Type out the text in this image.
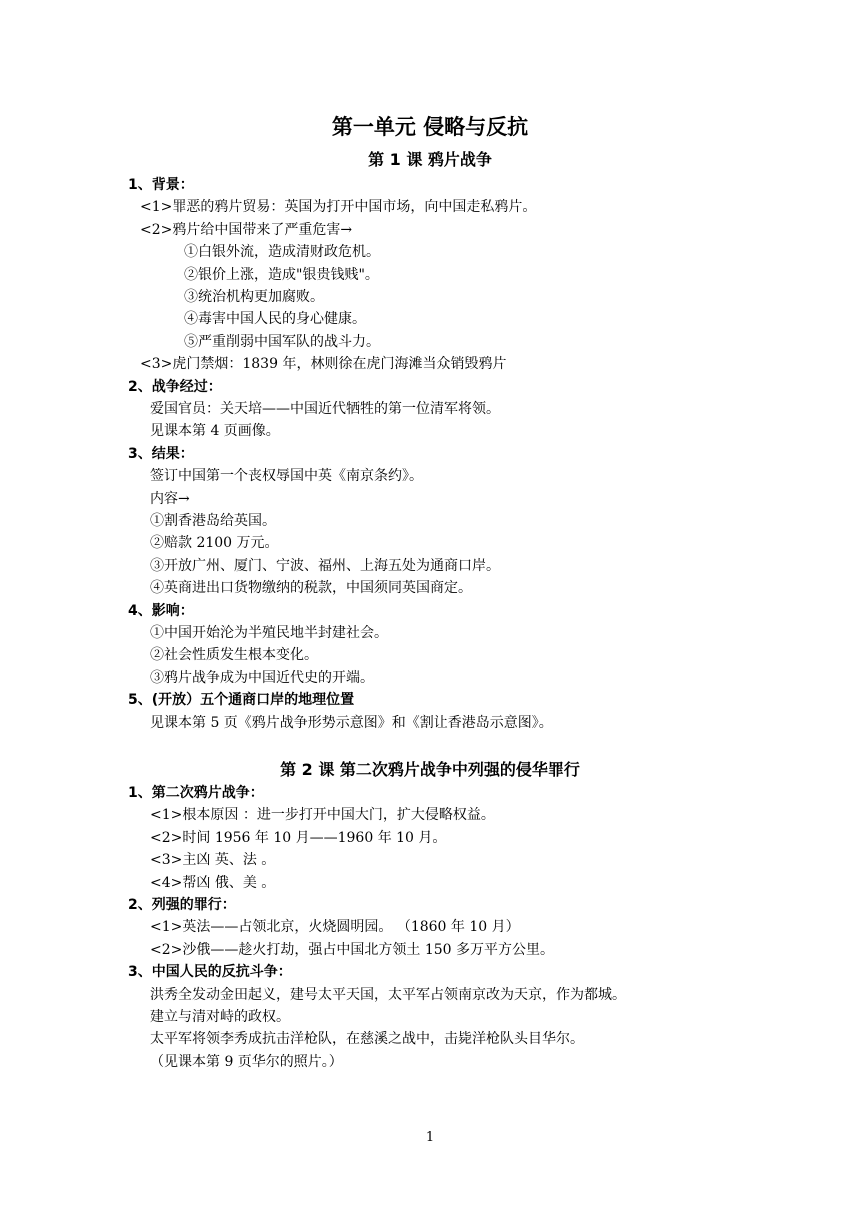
第一单元 侵略与反抗
第 1 课 鸦片战争
1、背景：
<1>罪恶的鸦片贸易：英国为打开中国市场，向中国走私鸦片。
<2>鸦片给中国带来了严重危害→
①白银外流，造成清财政危机。
②银价上涨，造成"银贵钱贱"。
③统治机构更加腐败。
④毒害中国人民的身心健康。
⑤严重削弱中国军队的战斗力。
<3>虎门禁烟：1839 年，林则徐在虎门海滩当众销毁鸦片
2、战争经过：
爱国官员：关天培——中国近代牺牲的第一位清军将领。
见课本第 4 页画像。
3、结果：
签订中国第一个丧权辱国中英《南京条约》。
内容→
①割香港岛给英国。
②赔款 2100 万元。
③开放广州、厦门、宁波、福州、上海五处为通商口岸。
④英商进出口货物缴纳的税款，中国须同英国商定。
4、影响：
①中国开始沦为半殖民地半封建社会。
②社会性质发生根本变化。
③鸦片战争成为中国近代史的开端。
5、(开放）五个通商口岸的地理位置
见课本第 5 页《鸦片战争形势示意图》和《割让香港岛示意图》。
第 2 课 第二次鸦片战争中列强的侵华罪行
1、第二次鸦片战争：
<1>根本原因 ：进一步打开中国大门，扩大侵略权益。
<2>时间 1956 年 10 月——1960 年 10 月。
<3>主凶 英、法 。
<4>帮凶 俄、美 。
2、列强的罪行：
<1>英法——占领北京，火烧圆明园。 （1860 年 10 月）
<2>沙俄——趁火打劫，强占中国北方领土 150 多万平方公里。
3、中国人民的反抗斗争：
洪秀全发动金田起义，建号太平天国，太平军占领南京改为天京，作为都城。
建立与清对峙的政权。
太平军将领李秀成抗击洋枪队，在慈溪之战中，击毙洋枪队头目华尔。
（见课本第 9 页华尔的照片。）
1
